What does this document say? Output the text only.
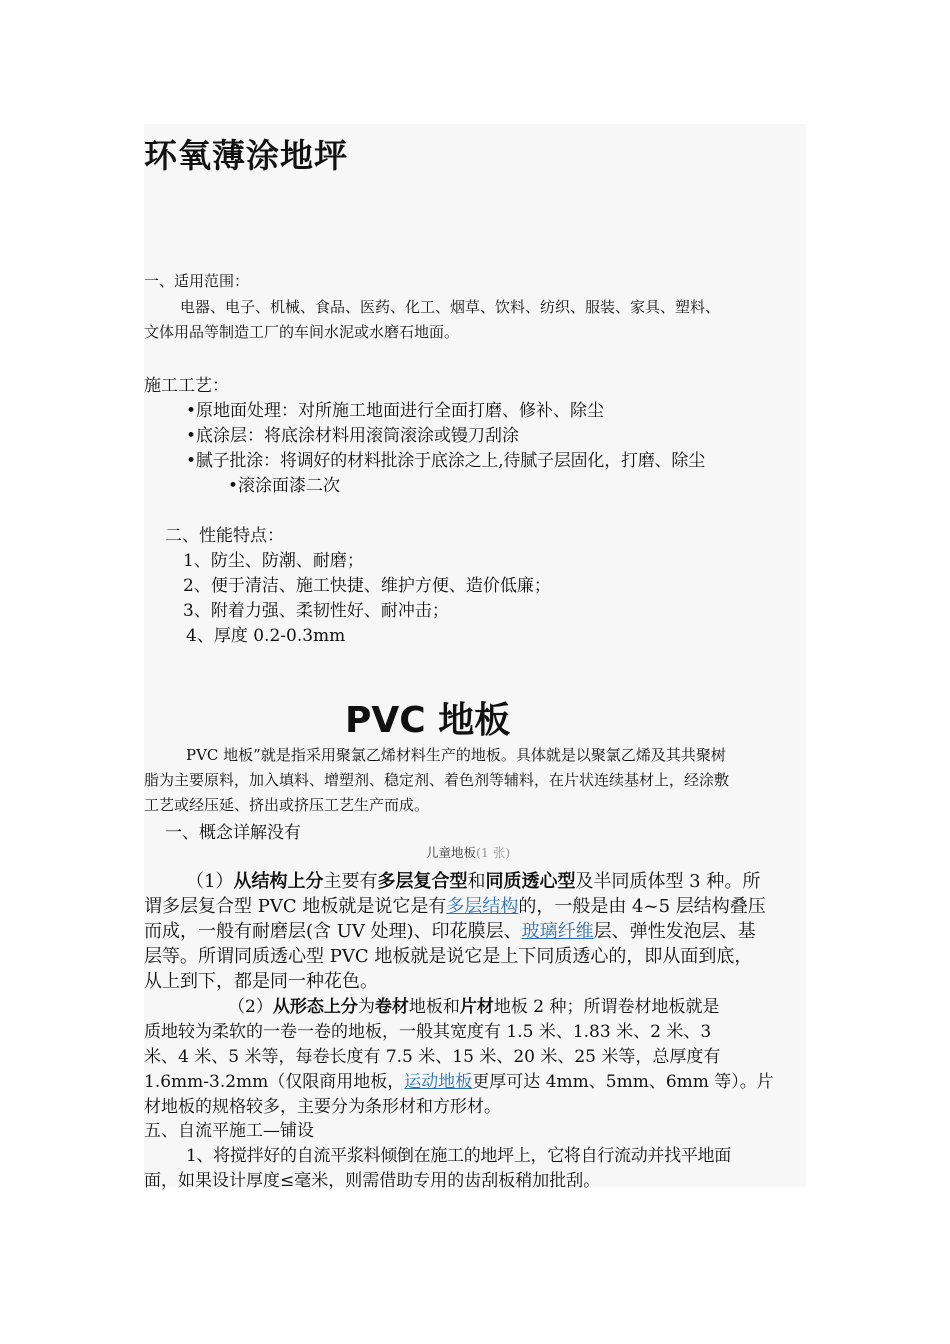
环氧薄涂地坪
一、适用范围：
电器、电子、机械、食品、医药、化工、烟草、饮料、纺织、服装、家具、塑料、
文体用品等制造工厂的车间水泥或水磨石地面。
施工工艺：
•原地面处理：对所施工地面进行全面打磨、修补、除尘
•底涂层：将底涂材料用滚筒滚涂或镘刀刮涂
•腻子批涂：将调好的材料批涂于底涂之上,待腻子层固化，打磨、除尘
•滚涂面漆二次
二、性能特点：
1、防尘、防潮、耐磨；
2、便于清洁、施工快捷、维护方便、造价低廉；
3、附着力强、柔韧性好、耐冲击；
4、厚度 0.2-0.3mm
PVC 地板
PVC 地板”就是指采用聚氯乙烯材料生产的地板。具体就是以聚氯乙烯及其共聚树
脂为主要原料，加入填料、增塑剂、稳定剂、着色剂等辅料，在片状连续基材上，经涂敷
工艺或经压延、挤出或挤压工艺生产而成。
一、概念详解没有
儿童地板(1 张)
（1）从结构上分主要有多层复合型和同质透心型及半同质体型 3 种。所
谓多层复合型 PVC 地板就是说它是有多层结构的，一般是由 4~5 层结构叠压
而成，一般有耐磨层(含 UV 处理)、印花膜层、玻璃纤维层、弹性发泡层、基
层等。所谓同质透心型 PVC 地板就是说它是上下同质透心的，即从面到底，
从上到下，都是同一种花色。
（2）从形态上分为卷材地板和片材地板 2 种；所谓卷材地板就是
质地较为柔软的一卷一卷的地板，一般其宽度有 1.5 米、1.83 米、2 米、3
米、4 米、5 米等，每卷长度有 7.5 米、15 米、20 米、25 米等，总厚度有
1.6mm-3.2mm（仅限商用地板，运动地板更厚可达 4mm、5mm、6mm 等）。片
材地板的规格较多，主要分为条形材和方形材。
五、自流平施工—铺设
1、将搅拌好的自流平浆料倾倒在施工的地坪上，它将自行流动并找平地面
面，如果设计厚度≤毫米，则需借助专用的齿刮板稍加批刮。
